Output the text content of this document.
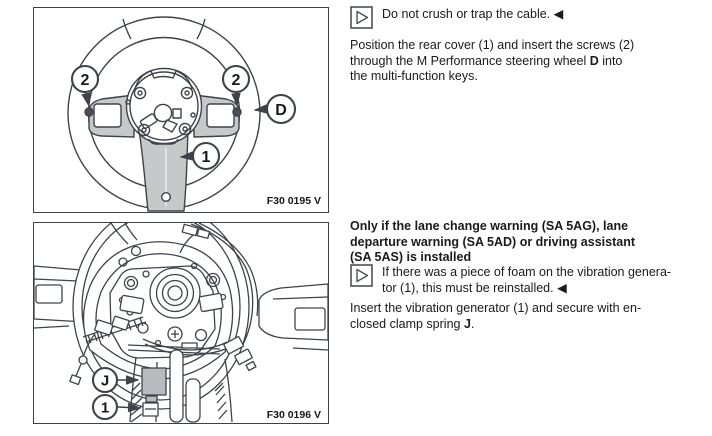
2	2
D
1
F30 0195 V
J
1	F30 0196 V
Do not crush or trap the cable. ◀
Position the rear cover (1) and insert the screws (2)
through the M Performance steering wheel D into
the multi-function keys.
Only if the lane change warning (SA 5AG), lane
departure warning (SA 5AD) or driving assistant
(SA 5AS) is installed
If there was a piece of foam on the vibration genera-
tor (1), this must be reinstalled. ◀
Insert the vibration generator (1) and secure with en-
closed clamp spring J.
